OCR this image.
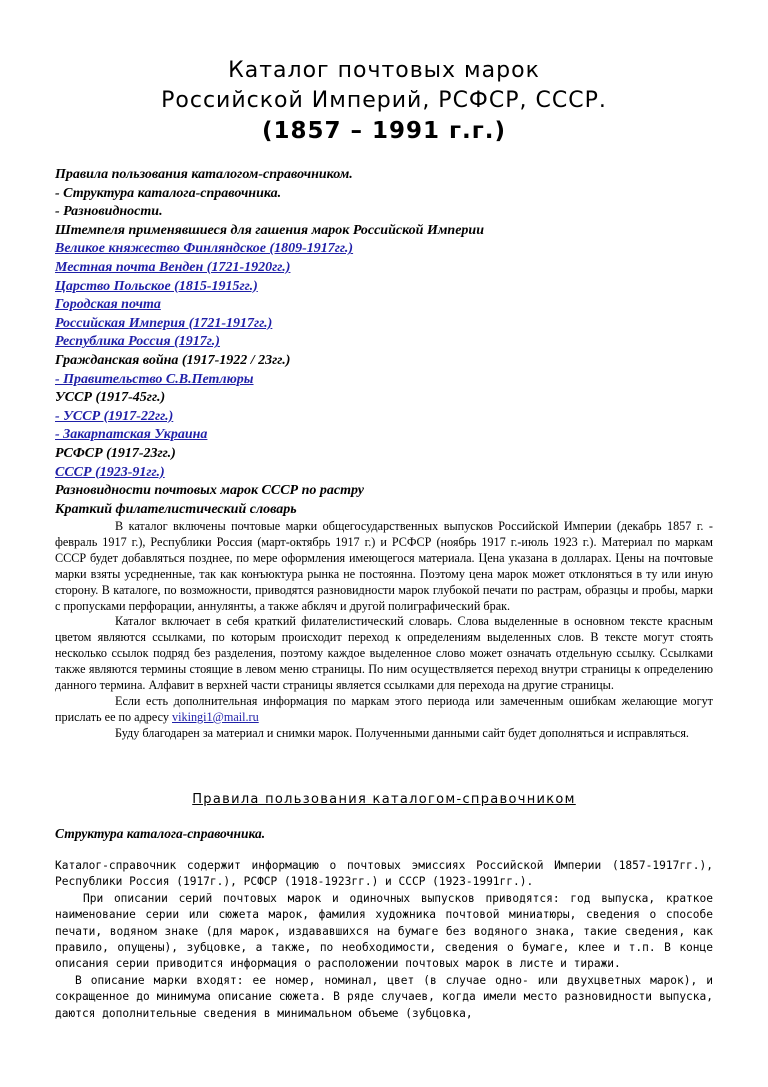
Каталог почтовых марок
Российской Империй, РСФСР, СССР.
(1857 – 1991 г.г.)
Правила пользования каталогом-справочником.
- Структура каталога-справочника.
- Разновидности.
Штемпеля применявшиеся для гашения марок Российской Империи
Великое княжество Финляндское (1809-1917гг.)
Местная почта Венден (1721-1920гг.)
Царство Польское (1815-1915гг.)
Городская почта
Российская Империя (1721-1917гг.)
Республика Россия (1917г.)
Гражданская война (1917-1922 / 23гг.)
- Правительство С.В.Петлюры
УССР (1917-45гг.)
- УССР (1917-22гг.)
- Закарпатская Украина
РСФСР (1917-23гг.)
СССР (1923-91гг.)
Разновидности почтовых марок СССР по растру
Краткий филателистический словарь

В каталог включены почтовые марки общегосударственных выпусков Российской Империи (декабрь 1857 г. - февраль 1917 г.), Республики Россия (март-октябрь 1917 г.) и РСФСР (ноябрь 1917 г.-июль 1923 г.). Материал по маркам СССР будет добавляться позднее, по мере оформления имеющегося материала. Цена указана в долларах. Цены на почтовые марки взяты усредненные, так как конъюктура рынка не постоянна. Поэтому цена марок может отклоняться в ту или иную сторону. В каталоге, по возможности, приводятся разновидности марок глубокой печати по растрам, образцы и пробы, марки с пропусками перфорации, аннулянты, а также абкляч и другой полиграфический брак.

Каталог включает в себя краткий филателистический словарь. Слова выделенные в основном тексте красным цветом являются ссылками, по которым происходит переход к определениям выделенных слов. В тексте могут стоять несколько ссылок подряд без разделения, поэтому каждое выделенное слово может означать отдельную ссылку. Ссылками также являются термины стоящие в левом меню страницы. По ним осуществляется переход внутри страницы к определению данного термина. Алфавит в верхней части страницы является ссылками для перехода на другие страницы.

Если есть дополнительная информация по маркам этого периода или замеченным ошибкам желающие могут прислать ее по адресу vikingi1@mail.ru

Буду благодарен за материал и снимки марок. Полученными данными сайт будет дополняться и исправляться.

Правила пользования каталогом-справочником
Структура каталога-справочника.

Каталог-справочник содержит информацию о почтовых эмиссиях Российской Империи (1857-1917гг.), Республики Россия (1917г.), РСФСР (1918-1923гг.) и СССР (1923-1991гг.).

При описании серий почтовых марок и одиночных выпусков приводятся: год выпуска, краткое наименование серии или сюжета марок, фамилия художника почтовой миниатюры, сведения о способе печати, водяном знаке (для марок, издававшихся на бумаге без водяного знака, такие сведения, как правило, опущены), зубцовке, а также, по необходимости, сведения о бумаге, клее и т.п. В конце описания серии приводится информация о расположении почтовых марок в листе и тиражи.

В описание марки входят: ее номер, номинал, цвет (в случае одно- или двухцветных марок), и сокращенное до минимума описание сюжета. В ряде случаев, когда имели место разновидности выпуска, даются дополнительные сведения в минимальном объеме (зубцовка,
